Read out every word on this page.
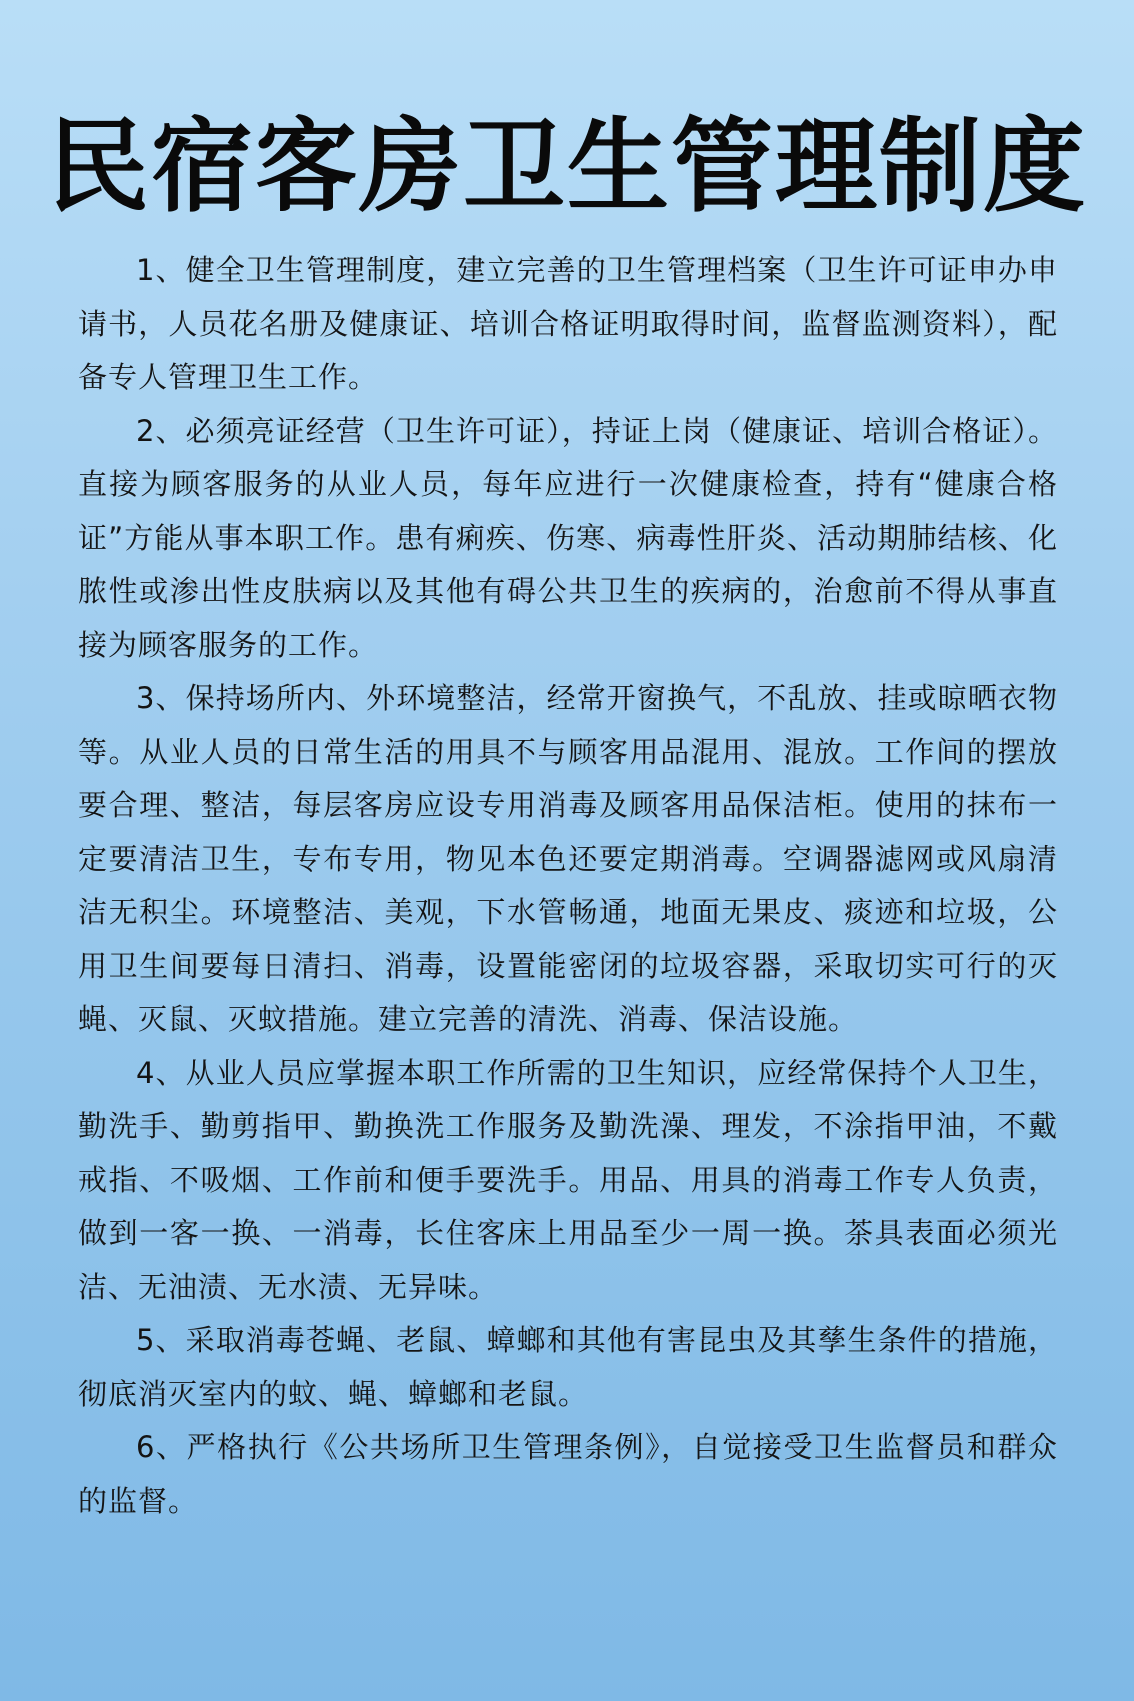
民宿客房卫生管理制度

1、健全卫生管理制度，建立完善的卫生管理档案（卫生许可证申办申请书，人员花名册及健康证、培训合格证明取得时间，监督监测资料），配备专人管理卫生工作。

2、必须亮证经营（卫生许可证），持证上岗（健康证、培训合格证）。直接为顾客服务的从业人员，每年应进行一次健康检查，持有“健康合格证”方能从事本职工作。患有痢疾、伤寒、病毒性肝炎、活动期肺结核、化脓性或渗出性皮肤病以及其他有碍公共卫生的疾病的，治愈前不得从事直接为顾客服务的工作。

3、保持场所内、外环境整洁，经常开窗换气，不乱放、挂或晾晒衣物等。从业人员的日常生活的用具不与顾客用品混用、混放。工作间的摆放要合理、整洁，每层客房应设专用消毒及顾客用品保洁柜。使用的抹布一定要清洁卫生，专布专用，物见本色还要定期消毒。空调器滤网或风扇清洁无积尘。环境整洁、美观，下水管畅通，地面无果皮、痰迹和垃圾，公用卫生间要每日清扫、消毒，设置能密闭的垃圾容器，采取切实可行的灭蝇、灭鼠、灭蚊措施。建立完善的清洗、消毒、保洁设施。

4、从业人员应掌握本职工作所需的卫生知识，应经常保持个人卫生，勤洗手、勤剪指甲、勤换洗工作服务及勤洗澡、理发，不涂指甲油，不戴戒指、不吸烟、工作前和便手要洗手。用品、用具的消毒工作专人负责，做到一客一换、一消毒，长住客床上用品至少一周一换。茶具表面必须光洁、无油渍、无水渍、无异味。

5、采取消毒苍蝇、老鼠、蟑螂和其他有害昆虫及其孳生条件的措施，彻底消灭室内的蚊、蝇、蟑螂和老鼠。

6、严格执行《公共场所卫生管理条例》，自觉接受卫生监督员和群众的监督。
